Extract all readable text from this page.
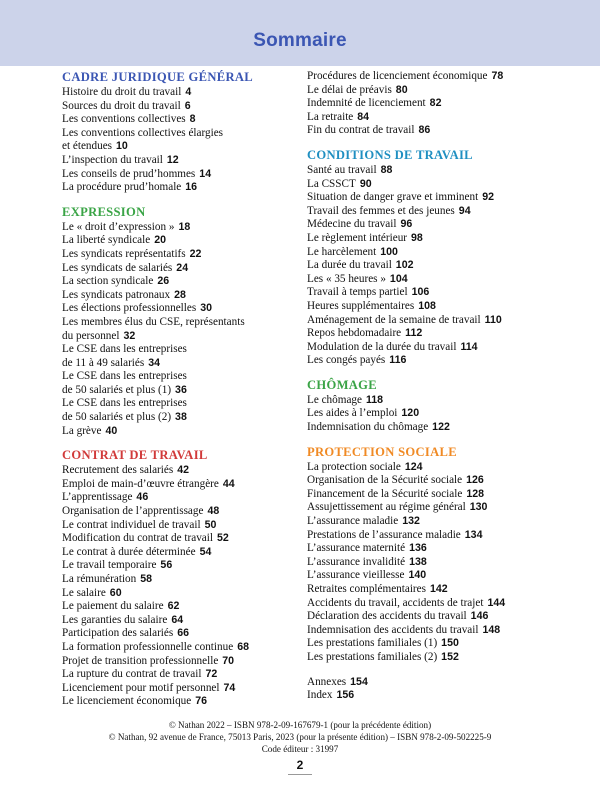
Sommaire
CADRE JURIDIQUE GÉNÉRAL
Histoire du droit du travail 4
Sources du droit du travail 6
Les conventions collectives 8
Les conventions collectives élargies
et étendues 10
L’inspection du travail 12
Les conseils de prud’hommes 14
La procédure prud’homale 16
EXPRESSION
Le « droit d’expression » 18
La liberté syndicale 20
Les syndicats représentatifs 22
Les syndicats de salariés 24
La section syndicale 26
Les syndicats patronaux 28
Les élections professionnelles 30
Les membres élus du CSE, représentants
du personnel 32
Le CSE dans les entreprises
de 11 à 49 salariés 34
Le CSE dans les entreprises
de 50 salariés et plus (1) 36
Le CSE dans les entreprises
de 50 salariés et plus (2) 38
La grève 40
CONTRAT DE TRAVAIL
Recrutement des salariés 42
Emploi de main-d’œuvre étrangère 44
L’apprentissage 46
Organisation de l’apprentissage 48
Le contrat individuel de travail 50
Modification du contrat de travail 52
Le contrat à durée déterminée 54
Le travail temporaire 56
La rémunération 58
Le salaire 60
Le paiement du salaire 62
Les garanties du salaire 64
Participation des salariés 66
La formation professionnelle continue 68
Projet de transition professionnelle 70
La rupture du contrat de travail 72
Licenciement pour motif personnel 74
Le licenciement économique 76
Procédures de licenciement économique 78
Le délai de préavis 80
Indemnité de licenciement 82
La retraite 84
Fin du contrat de travail 86
CONDITIONS DE TRAVAIL
Santé au travail 88
La CSSCT 90
Situation de danger grave et imminent 92
Travail des femmes et des jeunes 94
Médecine du travail 96
Le règlement intérieur 98
Le harcèlement 100
La durée du travail 102
Les « 35 heures » 104
Travail à temps partiel 106
Heures supplémentaires 108
Aménagement de la semaine de travail 110
Repos hebdomadaire 112
Modulation de la durée du travail 114
Les congés payés 116
CHÔMAGE
Le chômage 118
Les aides à l’emploi 120
Indemnisation du chômage 122
PROTECTION SOCIALE
La protection sociale 124
Organisation de la Sécurité sociale 126
Financement de la Sécurité sociale 128
Assujettissement au régime général 130
L’assurance maladie 132
Prestations de l’assurance maladie 134
L’assurance maternité 136
L’assurance invalidité 138
L’assurance vieillesse 140
Retraites complémentaires 142
Accidents du travail, accidents de trajet 144
Déclaration des accidents du travail 146
Indemnisation des accidents du travail 148
Les prestations familiales (1) 150
Les prestations familiales (2) 152
Annexes 154
Index 156
© Nathan 2022 – ISBN 978-2-09-167679-1 (pour la précédente édition)
© Nathan, 92 avenue de France, 75013 Paris, 2023 (pour la présente édition) – ISBN 978-2-09-502225-9
Code éditeur : 31997
2
